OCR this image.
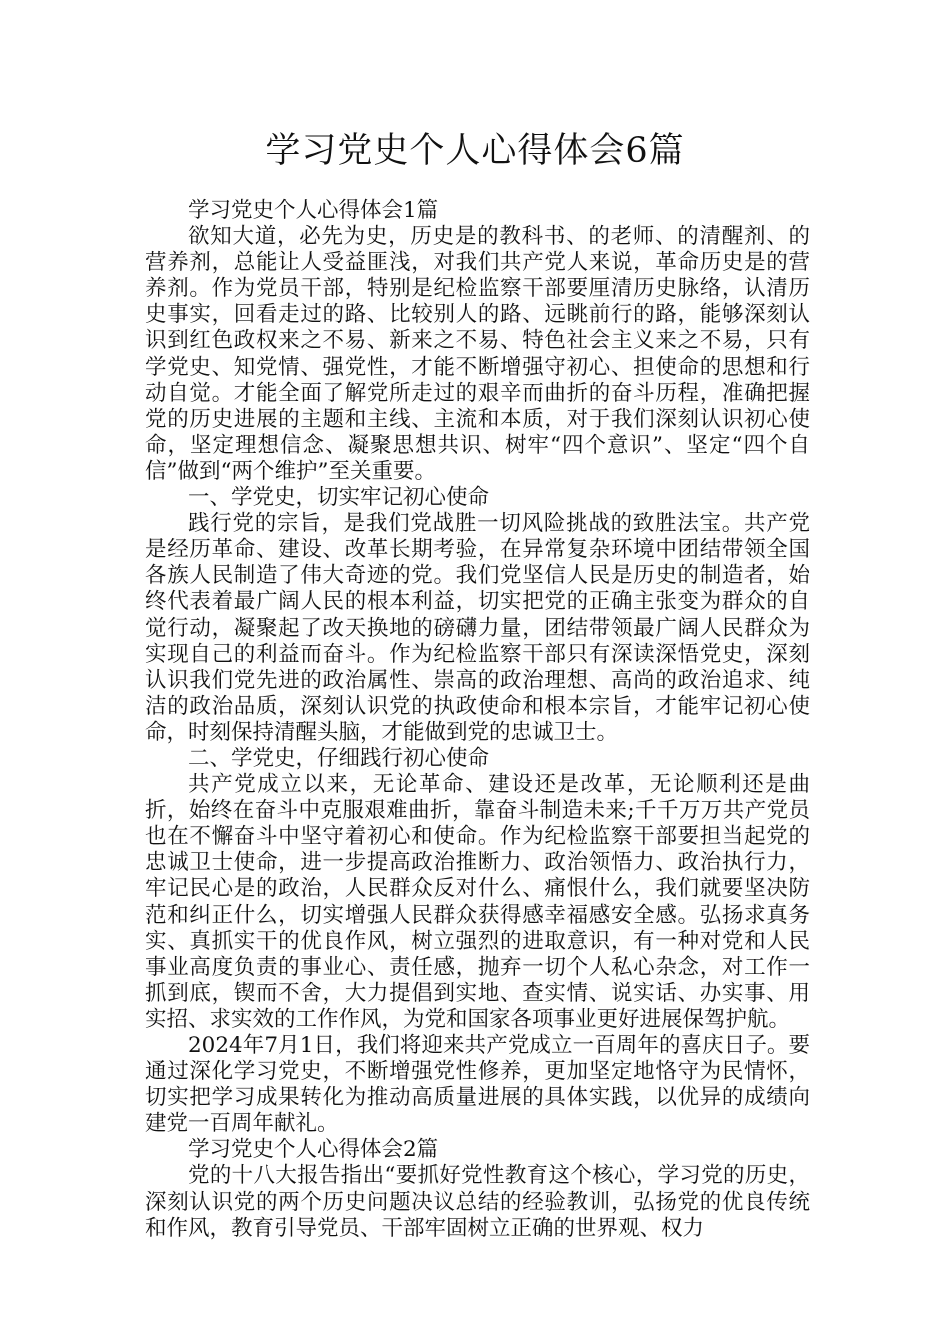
学习党史个人心得体会6篇

学习党史个人心得体会1篇

欲知大道，必先为史，历史是的教科书、的老师、的清醒剂、的营养剂，总能让人受益匪浅，对我们共产党人来说，革命历史是的营养剂。作为党员干部，特别是纪检监察干部要厘清历史脉络，认清历史事实，回看走过的路、比较别人的路、远眺前行的路，能够深刻认识到红色政权来之不易、新来之不易、特色社会主义来之不易，只有学党史、知党情、强党性，才能不断增强守初心、担使命的思想和行动自觉。才能全面了解党所走过的艰辛而曲折的奋斗历程，准确把握党的历史进展的主题和主线、主流和本质，对于我们深刻认识初心使命，坚定理想信念、凝聚思想共识、树牢“四个意识”、坚定“四个自信”做到“两个维护”至关重要。

一、学党史，切实牢记初心使命

践行党的宗旨，是我们党战胜一切风险挑战的致胜法宝。共产党是经历革命、建设、改革长期考验，在异常复杂环境中团结带领全国各族人民制造了伟大奇迹的党。我们党坚信人民是历史的制造者，始终代表着最广阔人民的根本利益，切实把党的正确主张变为群众的自觉行动，凝聚起了改天换地的磅礴力量，团结带领最广阔人民群众为实现自己的利益而奋斗。作为纪检监察干部只有深读深悟党史，深刻认识我们党先进的政治属性、崇高的政治理想、高尚的政治追求、纯洁的政治品质，深刻认识党的执政使命和根本宗旨，才能牢记初心使命，时刻保持清醒头脑，才能做到党的忠诚卫士。

二、学党史，仔细践行初心使命

共产党成立以来，无论革命、建设还是改革，无论顺利还是曲折，始终在奋斗中克服艰难曲折，靠奋斗制造未来;千千万万共产党员也在不懈奋斗中坚守着初心和使命。作为纪检监察干部要担当起党的忠诚卫士使命，进一步提高政治推断力、政治领悟力、政治执行力，牢记民心是的政治，人民群众反对什么、痛恨什么，我们就要坚决防范和纠正什么，切实增强人民群众获得感幸福感安全感。弘扬求真务实、真抓实干的优良作风，树立强烈的进取意识，有一种对党和人民事业高度负责的事业心、责任感，抛弃一切个人私心杂念，对工作一抓到底，锲而不舍，大力提倡到实地、查实情、说实话、办实事、用实招、求实效的工作作风，为党和国家各项事业更好进展保驾护航。

2024年7月1日，我们将迎来共产党成立一百周年的喜庆日子。要通过深化学习党史，不断增强党性修养，更加坚定地恪守为民情怀，切实把学习成果转化为推动高质量进展的具体实践，以优异的成绩向建党一百周年献礼。

学习党史个人心得体会2篇

党的十八大报告指出“要抓好党性教育这个核心，学习党的历史，深刻认识党的两个历史问题决议总结的经验教训，弘扬党的优良传统和作风，教育引导党员、干部牢固树立正确的世界观、权力
